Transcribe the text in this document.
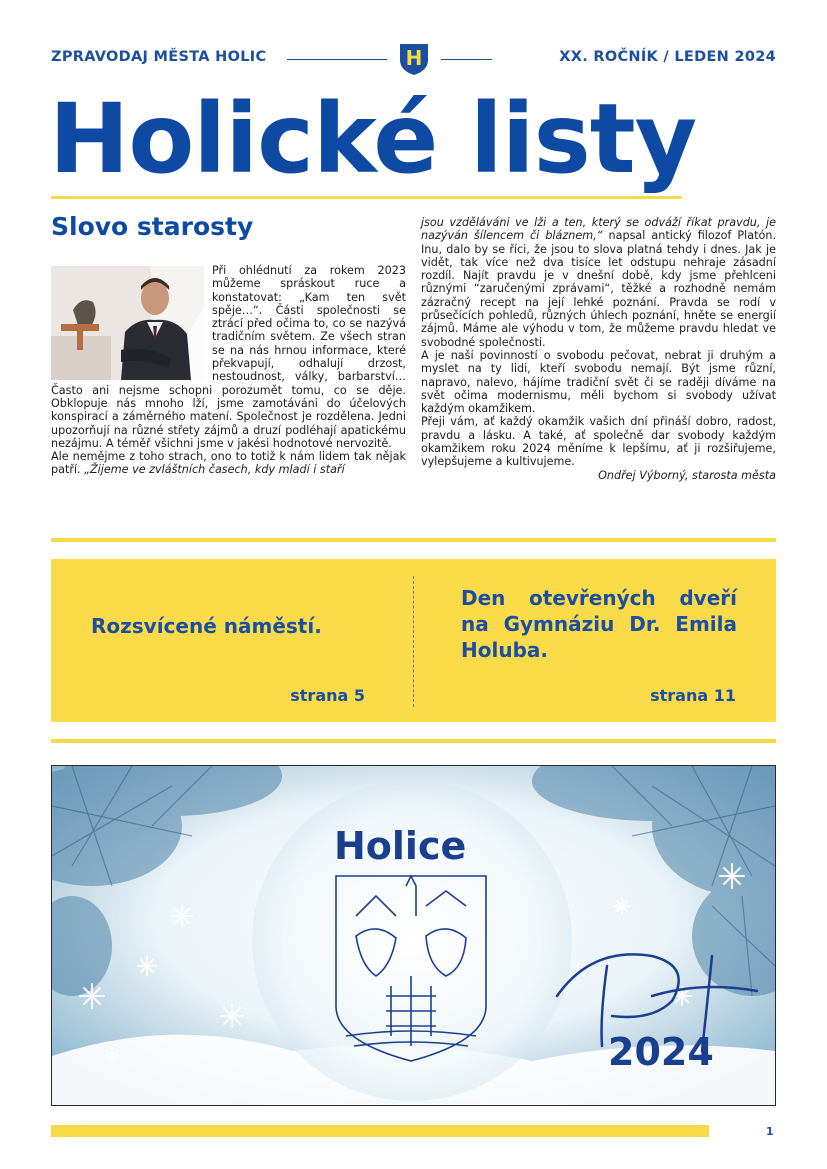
ZPRAVODAJ MĚSTA HOLIC	H	XX. ROČNÍK / LEDEN 2024
Holické listy
Slovo starosty

Při ohlédnutí za rokem 2023 můžeme spráskout ruce a konstatovat: „Kam ten svět spěje…“. Části společnosti se ztrácí před očima to, co se nazývá tradičním světem. Ze všech stran se na nás hrnou informace, které překvapují, odhalují drzost, nestoudnost, války, barbarství… Často ani nejsme schopni porozumět tomu, co se děje. Obklopuje nás mnoho lží, jsme zamotáváni do účelových konspirací a záměrného matení. Společnost je rozdělena. Jedni upozorňují na různé střety zájmů a druzí podléhají apatickému nezájmu. A téměř všichni jsme v jakési hodnotové nervozitě.

Ale nemějme z toho strach, ono to totiž k nám lidem tak nějak patří. „Žijeme ve zvláštních časech, kdy mladí i staří

jsou vzděláváni ve lži a ten, který se odváží říkat pravdu, je nazýván šílencem či bláznem,“ napsal antický filozof Platón. Inu, dalo by se říci, že jsou to slova platná tehdy i dnes. Jak je vidět, tak více než dva tisíce let odstupu nehraje zásadní rozdíl. Najít pravdu je v dnešní době, kdy jsme přehlceni různými “zaručenými zprávami“, těžké a rozhodně nemám zázračný recept na její lehké poznání. Pravda se rodí v průsečících pohledů, různých úhlech poznání, hněte se energií zájmů. Máme ale výhodu v tom, že můžeme pravdu hledat ve svobodné společnosti.

A je naší povinností o svobodu pečovat, nebrat ji druhým a myslet na ty lidi, kteří svobodu nemají. Být jsme různí, napravo, nalevo, hájíme tradiční svět či se raději díváme na svět očima modernismu, měli bychom si svobody užívat každým okamžikem.

Přeji vám, ať každý okamžik vašich dní přináší dobro, radost, pravdu a lásku. A také, ať společně dar svobody každým okamžikem roku 2024 měníme k lepšímu, ať ji rozšiřujeme, vylepšujeme a kultivujeme.

Ondřej Výborný, starosta města

Rozsvícené náměstí.
strana 5
Den otevřených dveří na Gymnáziu Dr. Emila Holuba.
strana 11
Holice
2024
1
